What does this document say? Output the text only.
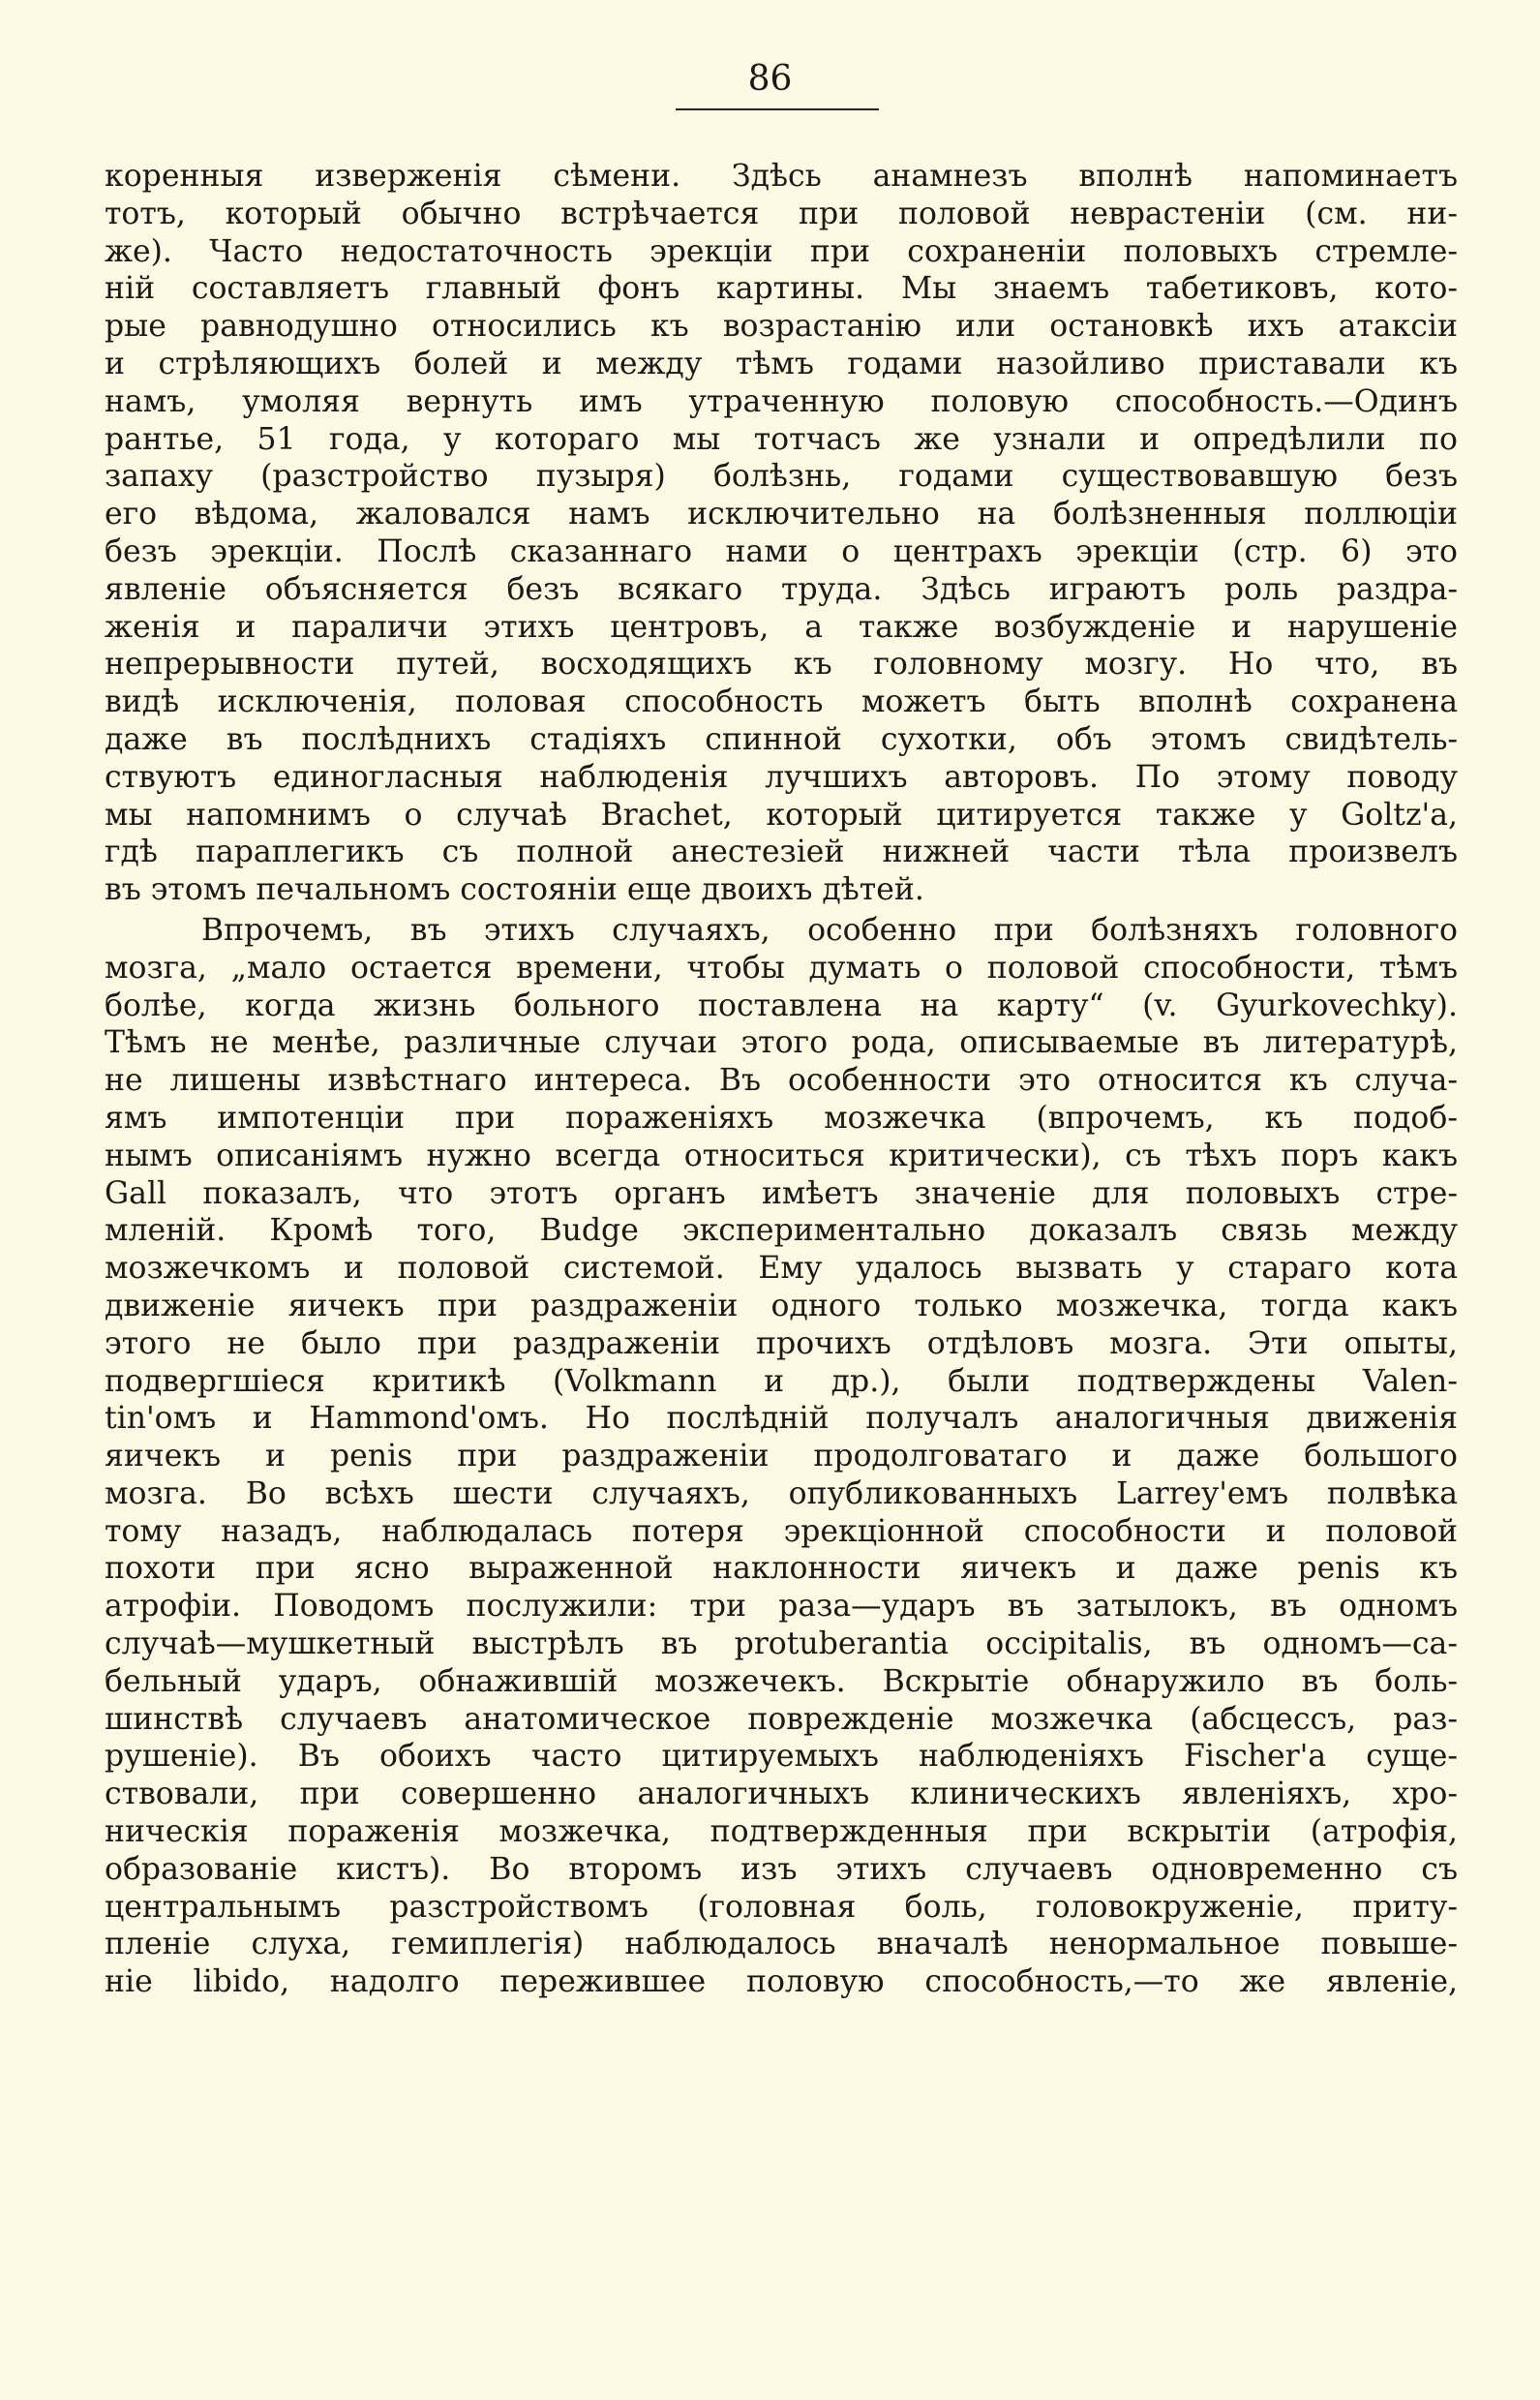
86
коренныя изверженія сѣмени. Здѣсь анамнезъ вполнѣ напоминаетъ
тотъ, который обычно встрѣчается при половой неврастеніи (см. ни-
же). Часто недостаточность эрекціи при сохраненіи половыхъ стремле-
ній составляетъ главный фонъ картины. Мы знаемъ табетиковъ, кото-
рые равнодушно относились къ возрастанію или остановкѣ ихъ атаксіи
и стрѣляющихъ болей и между тѣмъ годами назойливо приставали къ
намъ, умоляя вернуть имъ утраченную половую способность.—Одинъ
рантье, 51 года, у котораго мы тотчасъ же узнали и опредѣлили по
запаху (разстройство пузыря) болѣзнь, годами существовавшую безъ
его вѣдома, жаловался намъ исключительно на болѣзненныя поллюціи
безъ эрекціи. Послѣ сказаннаго нами о центрахъ эрекціи (стр. 6) это
явленіе объясняется безъ всякаго труда. Здѣсь играютъ роль раздра-
женія и параличи этихъ центровъ, а также возбужденіе и нарушеніе
непрерывности путей, восходящихъ къ головному мозгу. Но что, въ
видѣ исключенія, половая способность можетъ быть вполнѣ сохранена
даже въ послѣднихъ стадіяхъ спинной сухотки, объ этомъ свидѣтель-
ствуютъ единогласныя наблюденія лучшихъ авторовъ. По этому поводу
мы напомнимъ о случаѣ Brachet, который цитируется также у Goltz'a,
гдѣ параплегикъ съ полной анестезіей нижней части тѣла произвелъ
въ этомъ печальномъ состояніи еще двоихъ дѣтей.
Впрочемъ, въ этихъ случаяхъ, особенно при болѣзняхъ головного
мозга, „мало остается времени, чтобы думать о половой способности, тѣмъ
болѣе, когда жизнь больного поставлена на карту“ (v. Gyurkovechky).
Тѣмъ не менѣе, различные случаи этого рода, описываемые въ литературѣ,
не лишены извѣстнаго интереса. Въ особенности это относится къ случа-
ямъ импотенціи при пораженіяхъ мозжечка (впрочемъ, къ подоб-
нымъ описаніямъ нужно всегда относиться критически), съ тѣхъ поръ какъ
Gall показалъ, что этотъ органъ имѣетъ значеніе для половыхъ стре-
мленій. Кромѣ того, Budge экспериментально доказалъ связь между
мозжечкомъ и половой системой. Ему удалось вызвать у стараго кота
движеніе яичекъ при раздраженіи одного только мозжечка, тогда какъ
этого не было при раздраженіи прочихъ отдѣловъ мозга. Эти опыты,
подвергшіеся критикѣ (Volkmann и др.), были подтверждены Valen-
tin'омъ и Hammond'омъ. Но послѣдній получалъ аналогичныя движенія
яичекъ и penis при раздраженіи продолговатаго и даже большого
мозга. Во всѣхъ шести случаяхъ, опубликованныхъ Larrey'емъ полвѣка
тому назадъ, наблюдалась потеря эрекціонной способности и половой
похоти при ясно выраженной наклонности яичекъ и даже penis къ
атрофіи. Поводомъ послужили: три раза—ударъ въ затылокъ, въ одномъ
случаѣ—мушкетный выстрѣлъ въ protuberantia occipitalis, въ одномъ—са-
бельный ударъ, обнажившій мозжечекъ. Вскрытіе обнаружило въ боль-
шинствѣ случаевъ анатомическое поврежденіе мозжечка (абсцессъ, раз-
рушеніе). Въ обоихъ часто цитируемыхъ наблюденіяхъ Fischer'а суще-
ствовали, при совершенно аналогичныхъ клиническихъ явленіяхъ, хро-
ническія пораженія мозжечка, подтвержденныя при вскрытіи (атрофія,
образованіе кистъ). Во второмъ изъ этихъ случаевъ одновременно съ
центральнымъ разстройствомъ (головная боль, головокруженіе, приту-
пленіе слуха, гемиплегія) наблюдалось вначалѣ ненормальное повыше-
ніе libido, надолго пережившее половую способность,—то же явленіе,
